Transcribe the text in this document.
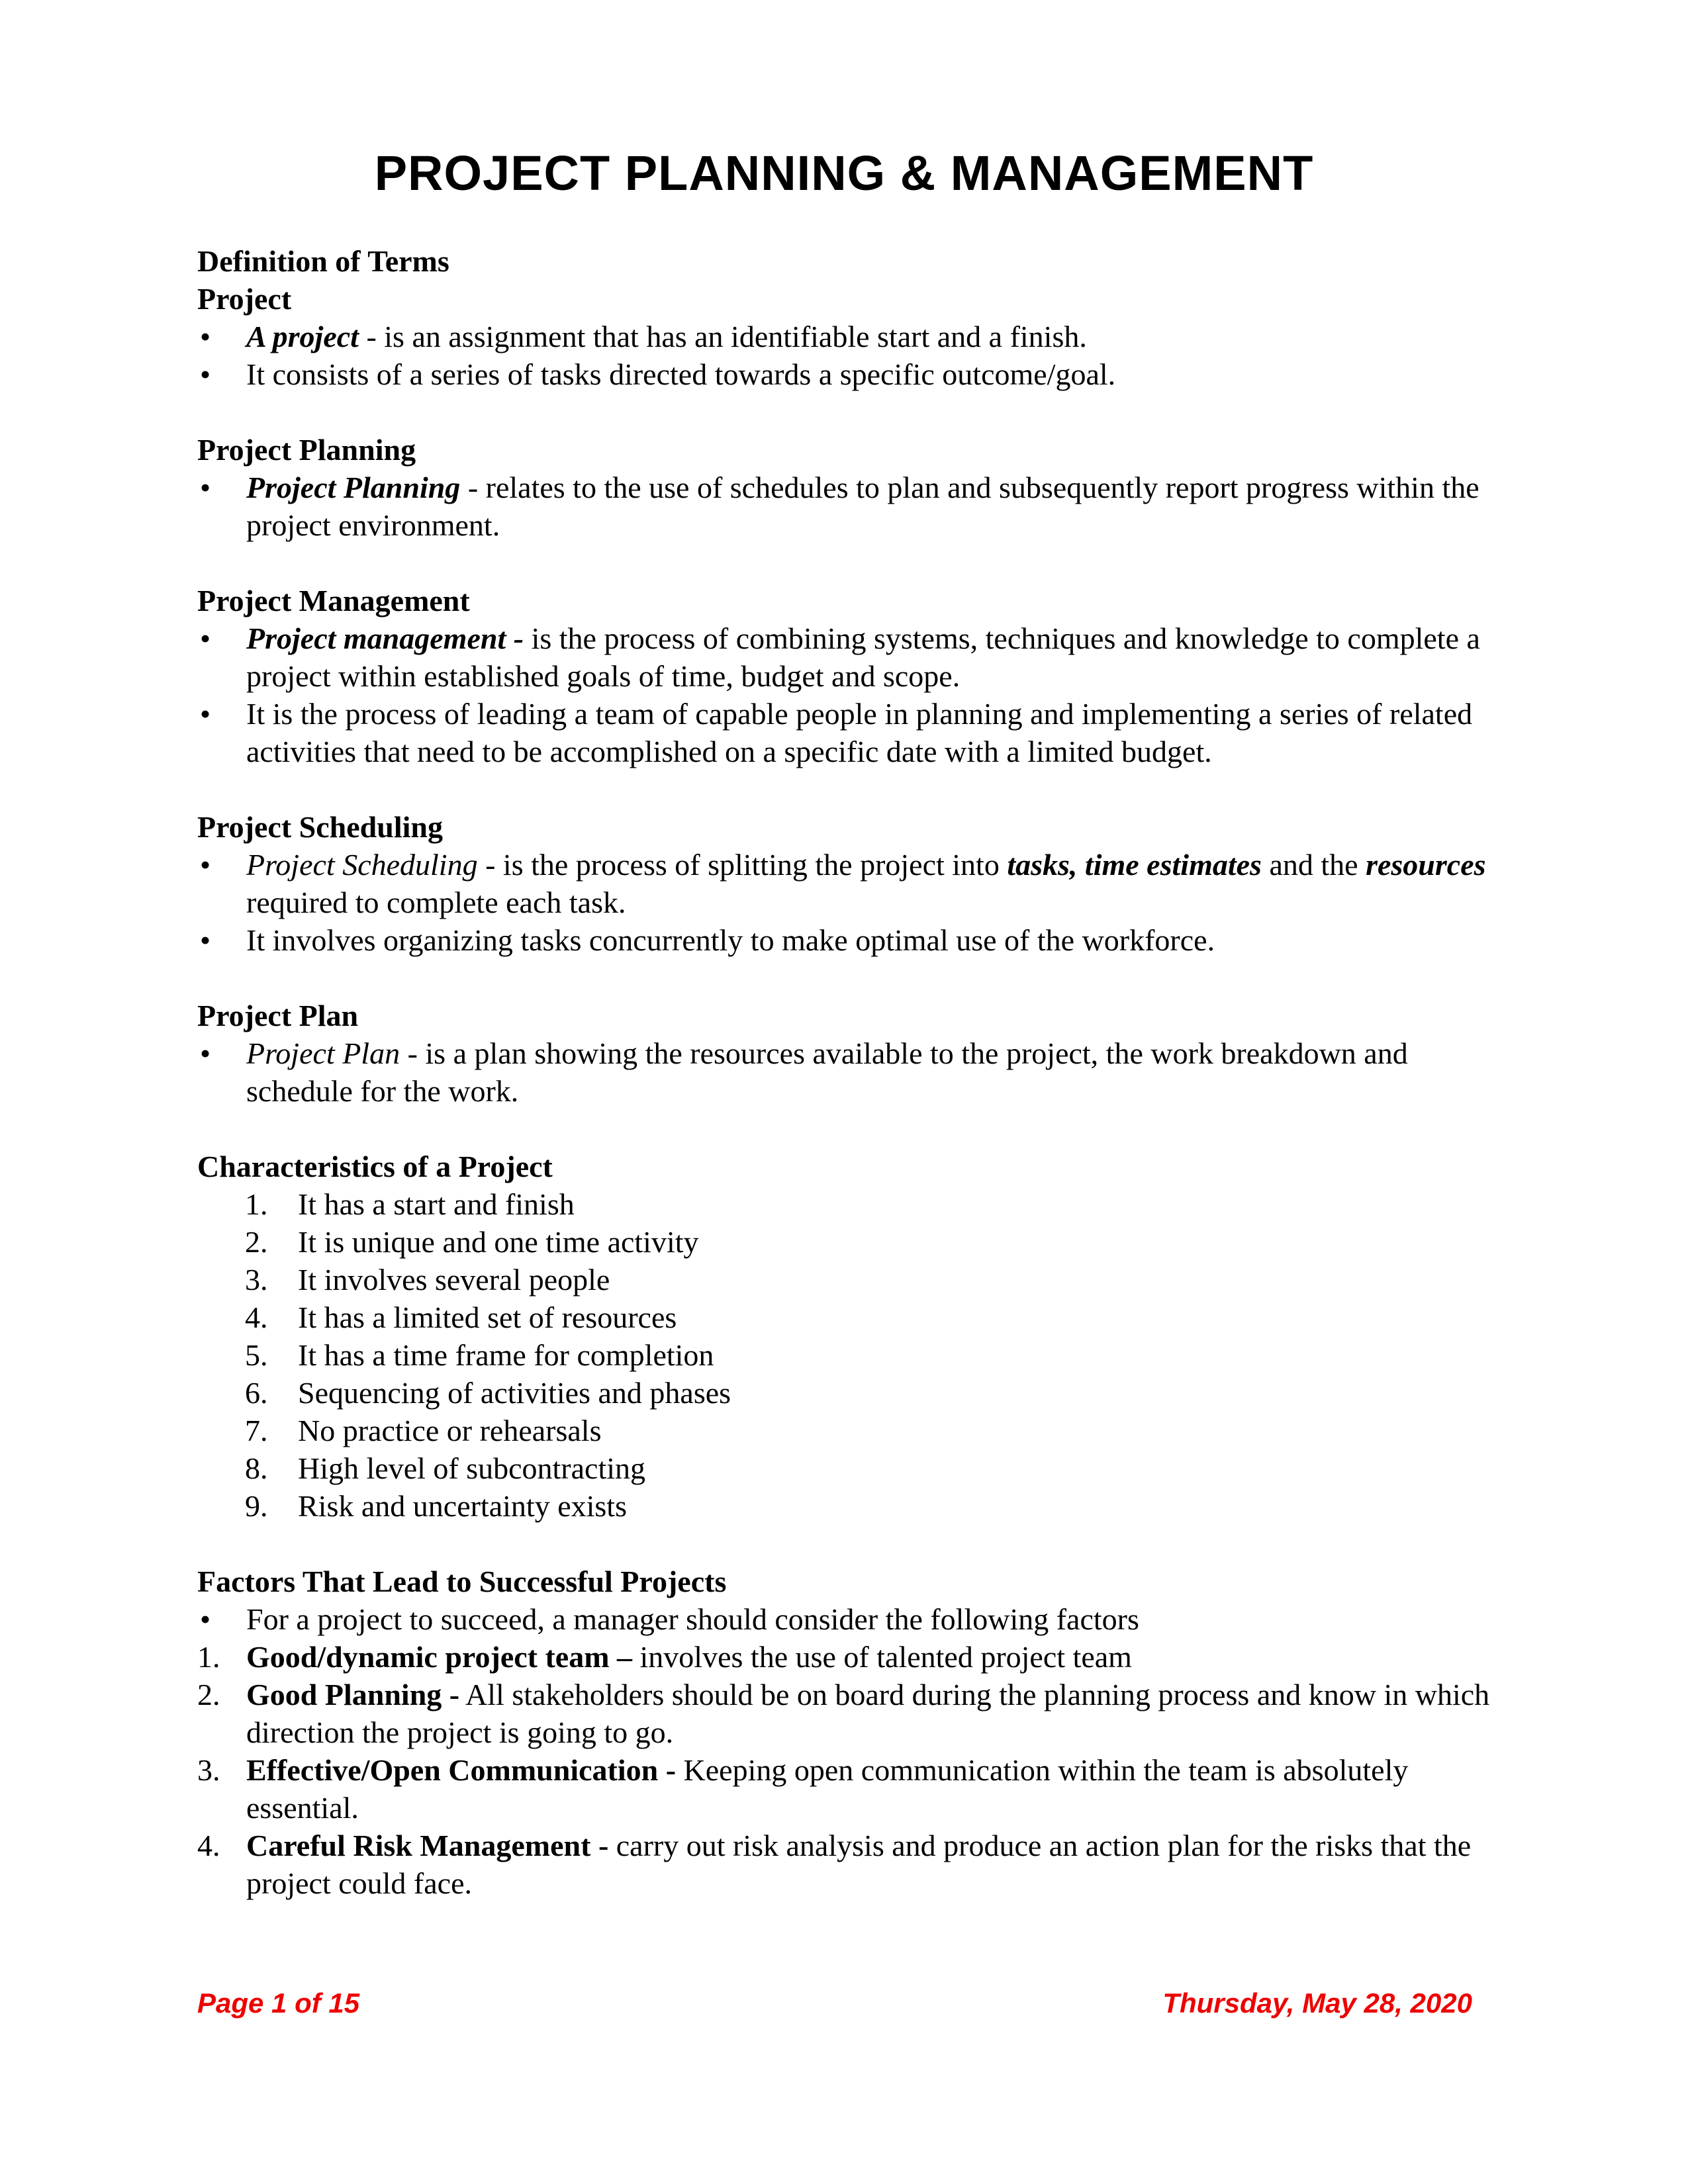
PROJECT PLANNING & MANAGEMENT

Definition of Terms

Project

• A project - is an assignment that has an identifiable start and a finish.
• It consists of a series of tasks directed towards a specific outcome/goal.

Project Planning

• Project Planning - relates to the use of schedules to plan and subsequently report progress within the project environment.

Project Management

• Project management - is the process of combining systems, techniques and knowledge to complete a project within established goals of time, budget and scope.
• It is the process of leading a team of capable people in planning and implementing a series of related activities that need to be accomplished on a specific date with a limited budget.

Project Scheduling

• Project Scheduling - is the process of splitting the project into tasks, time estimates and the resources required to complete each task.
• It involves organizing tasks concurrently to make optimal use of the workforce.

Project Plan

• Project Plan - is a plan showing the resources available to the project, the work breakdown and schedule for the work.

Characteristics of a Project

1. It has a start and finish
2. It is unique and one time activity
3. It involves several people
4. It has a limited set of resources
5. It has a time frame for completion
6. Sequencing of activities and phases
7. No practice or rehearsals
8. High level of subcontracting
9. Risk and uncertainty exists

Factors That Lead to Successful Projects

• For a project to succeed, a manager should consider the following factors
1. Good/dynamic project team – involves the use of talented project team
2. Good Planning - All stakeholders should be on board during the planning process and know in which direction the project is going to go.
3. Effective/Open Communication - Keeping open communication within the team is absolutely essential.
4. Careful Risk Management - carry out risk analysis and produce an action plan for the risks that the project could face.
Page 1 of 15	Thursday, May 28, 2020
